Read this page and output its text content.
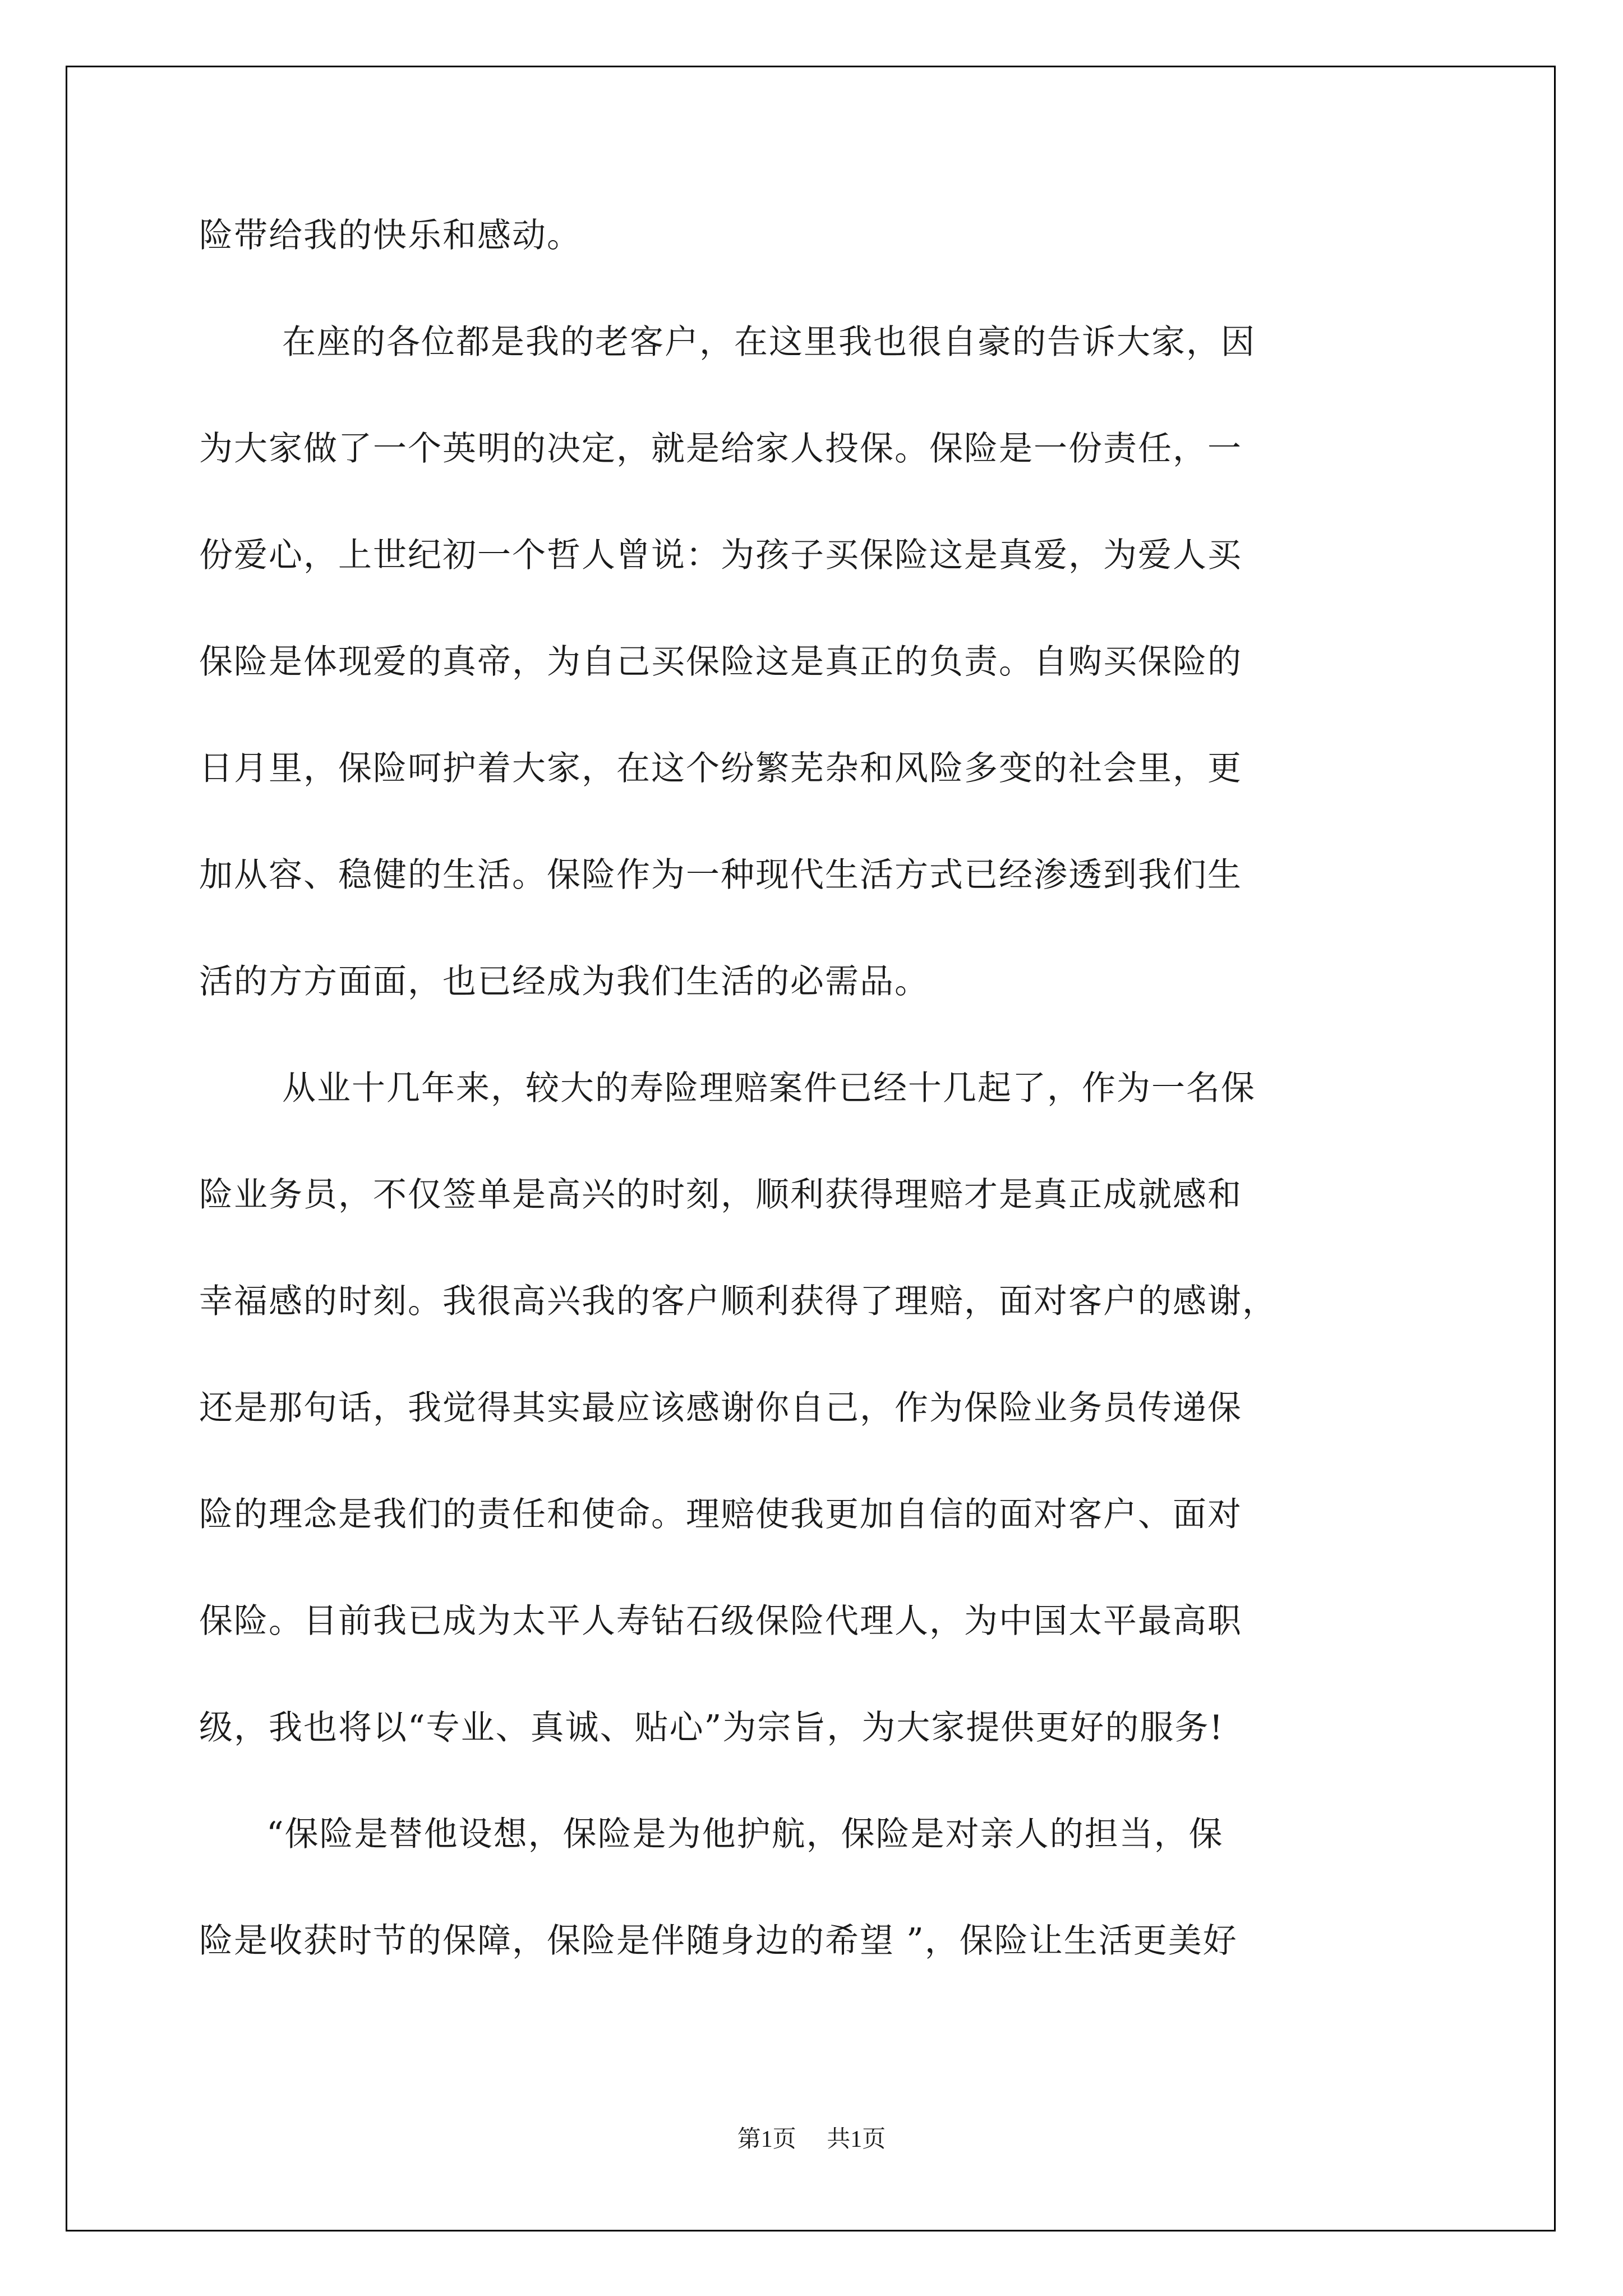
险带给我的快乐和感动。
在座的各位都是我的老客户，在这里我也很自豪的告诉大家，因
为大家做了一个英明的决定，就是给家人投保。保险是一份责任，一
份爱心，上世纪初一个哲人曾说：为孩子买保险这是真爱，为爱人买
保险是体现爱的真帝，为自己买保险这是真正的负责。自购买保险的
日月里，保险呵护着大家，在这个纷繁芜杂和风险多变的社会里，更
加从容、稳健的生活。保险作为一种现代生活方式已经渗透到我们生
活的方方面面，也已经成为我们生活的必需品。
从业十几年来，较大的寿险理赔案件已经十几起了，作为一名保
险业务员，不仅签单是高兴的时刻，顺利获得理赔才是真正成就感和
幸福感的时刻。我很高兴我的客户顺利获得了理赔，面对客户的感谢，
还是那句话，我觉得其实最应该感谢你自己，作为保险业务员传递保
险的理念是我们的责任和使命。理赔使我更加自信的面对客户、面对
保险。目前我已成为太平人寿钻石级保险代理人，为中国太平最高职
级，我也将以“专业、真诚、贴心”为宗旨，为大家提供更好的服务!
“保险是替他设想，保险是为他护航，保险是对亲人的担当，保
险是收获时节的保障，保险是伴随身边的希望 ”，保险让生活更美好
第1页 共1页
